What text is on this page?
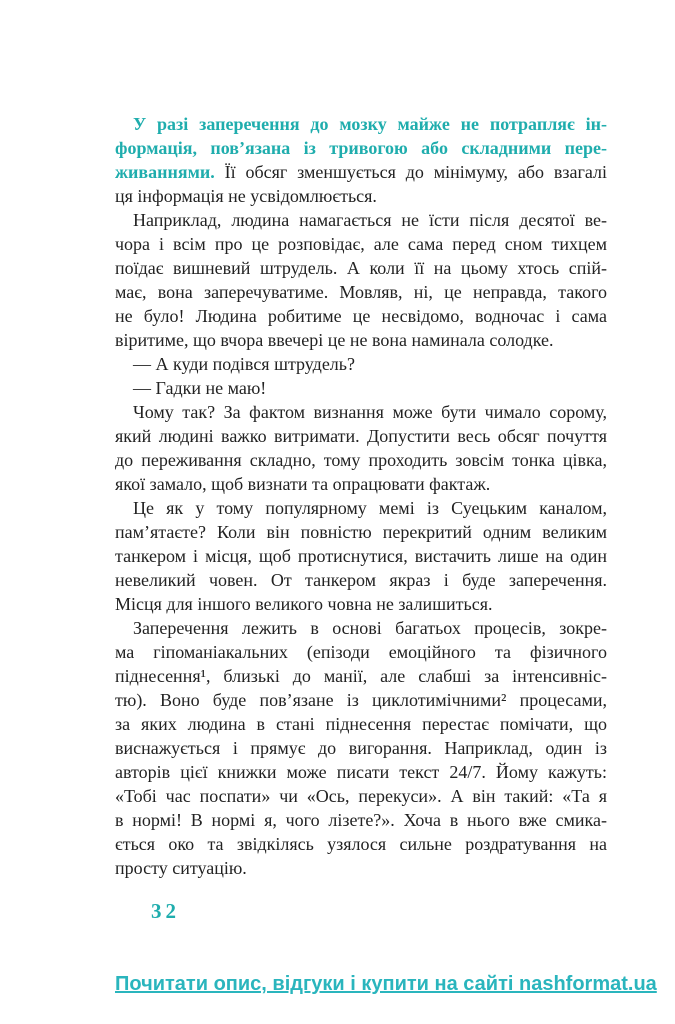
У разі заперечення до мозку майже не потрапляє ін-
формація, пов’язана із тривогою або складними пере-
живаннями. Її обсяг зменшується до мінімуму, або взагалі
ця інформація не усвідомлюється.
Наприклад, людина намагається не їсти після десятої ве-
чора і всім про це розповідає, але сама перед сном тихцем
поїдає вишневий штрудель. А коли її на цьому хтось спій-
має, вона заперечуватиме. Мовляв, ні, це неправда, такого
не було! Людина робитиме це несвідомо, водночас і сама
віритиме, що вчора ввечері це не вона наминала солодке.
— А куди подівся штрудель?
— Гадки не маю!
Чому так? За фактом визнання може бути чимало сорому,
який людині важко витримати. Допустити весь обсяг почуття
до переживання складно, тому проходить зовсім тонка цівка,
якої замало, щоб визнати та опрацювати фактаж.
Це як у тому популярному мемі із Суецьким каналом,
пам’ятаєте? Коли він повністю перекритий одним великим
танкером і місця, щоб протиснутися, вистачить лише на один
невеликий човен. От танкером якраз і буде заперечення.
Місця для іншого великого човна не залишиться.
Заперечення лежить в основі багатьох процесів, зокре-
ма гіпоманіакальних (епізоди емоційного та фізичного
піднесення¹, близькі до манії, але слабші за інтенсивніс-
тю). Воно буде пов’язане із циклотимічними² процесами,
за яких людина в стані піднесення перестає помічати, що
виснажується і прямує до вигорання. Наприклад, один із
авторів цієї книжки може писати текст 24/7. Йому кажуть:
«Тобі час поспати» чи «Ось, перекуси». А він такий: «Та я
в нормі! В нормі я, чого лізете?». Хоча в нього вже смика-
ється око та звідкілясь узялося сильне роздратування на
просту ситуацію.
32
Почитати опис, відгуки і купити на сайті nashformat.ua
